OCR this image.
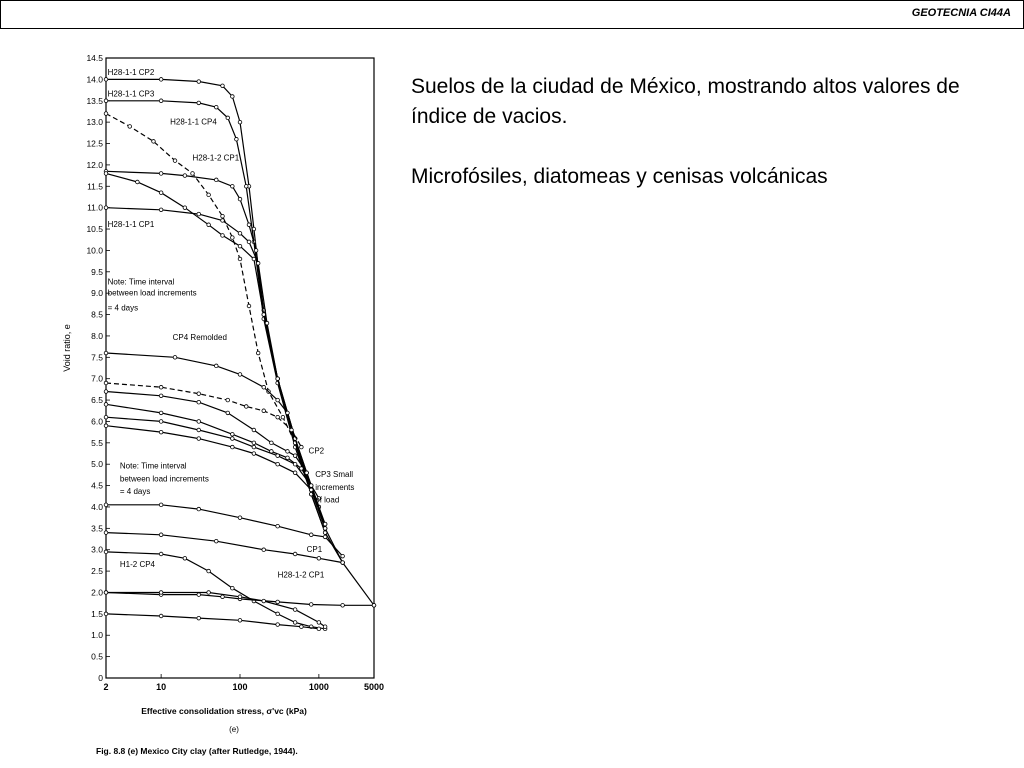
GEOTECNIA CI44A
0
0.5
1.0
1.5
2.0
2.5
3.0
3.5
4.0
4.5
5.0
5.5
6.0
6.5
7.0
7.5
8.0
8.5
9.0
9.5
10.0
10.5
11.0
11.5
12.0
12.5
13.0
13.5
14.0
14.5
2	10	100	1000	5000
H28-1-1 CP2
H28-1-1 CP3
H28-1-1 CP4
H28-1-2 CP1
H28-1-1 CP1
Note: Time interval
between load increments
= 4 days
CP4 Remolded
Note: Time interval
between load increments
= 4 days
CP2
CP3 Small
increments
of load
CP1
H28-1-2 CP1
H1-2 CP4
Void ratio, e
Effective consolidation stress, σ'vc (kPa)
(e)
Fig. 8.8 (e) Mexico City clay (after Rutledge, 1944).

Suelos de la ciudad de México, mostrando altos valores de índice de vacios.

Microfósiles, diatomeas y cenisas volcánicas
